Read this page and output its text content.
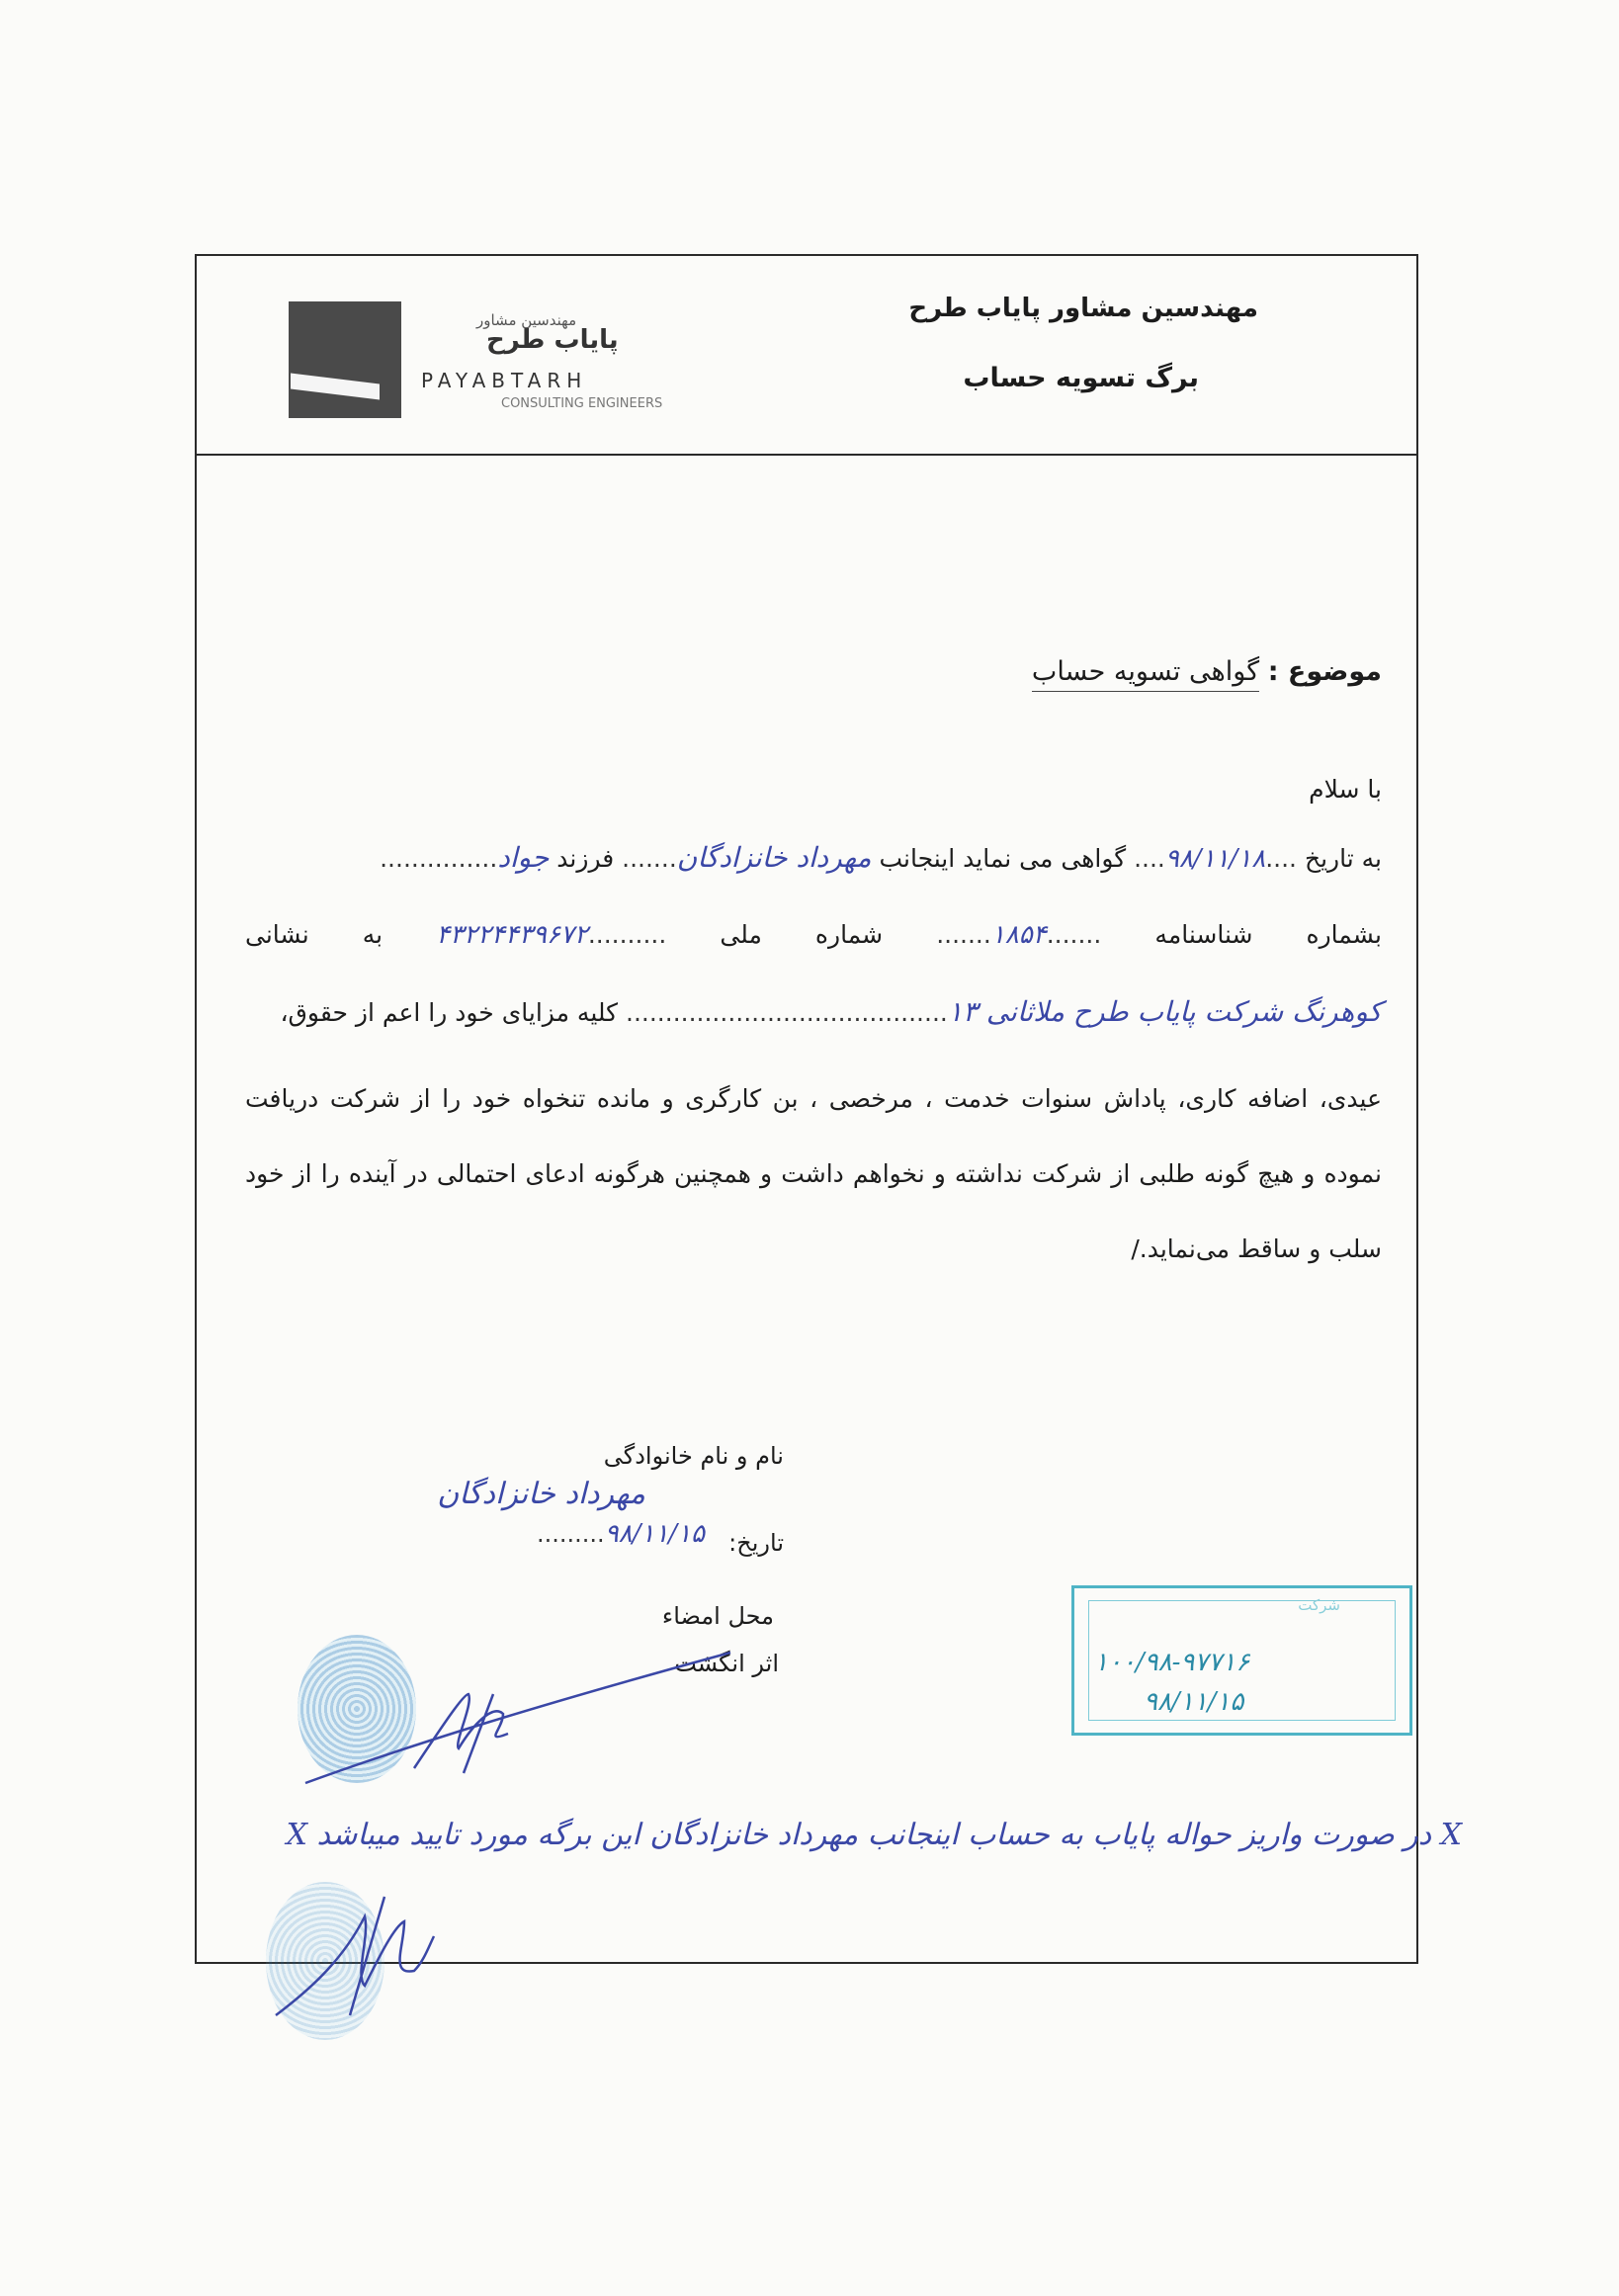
مهندسین مشاور
پایاب طرح
PAYABTARH
CONSULTING ENGINEERS
مهندسین مشاور پایاب طرح
برگ تسویه حساب
موضوع : گواهی تسویه حساب
با سلام
به تاریخ ....۹۸/۱۱/۱۸.... گواهی می نماید اینجانب مهرداد خانزادگان....... فرزند جواد...............
بشماره شناسنامه .......۱۸۵۴....... شماره ملی ..........۴۳۲۲۴۴۳۹۶۷۲ به نشانی
کوهرنگ شرکت پایاب طرح ملاثانی ۱۳......................................... کلیه مزایای خود را اعم از حقوق،
عیدی، اضافه کاری، پاداش سنوات خدمت ، مرخصی ، بن کارگری و مانده تنخواه خود را از شرکت دریافت نموده و هیچ گونه طلبی از شرکت نداشته و نخواهم داشت و همچنین هرگونه ادعای احتمالی در آینده را از خود سلب و ساقط می‌نماید./
نام و نام خانوادگی
مهرداد خانزادگان
تاریخ:
۹۸/۱۱/۱۵.........
محل امضاء
اثر انگشت
شرکت
۱۰۰/۹۸-۹۷۷۱۶
۹۸/۱۱/۱۵
X در صورت واریز حواله پایاب به حساب اینجانب مهرداد خانزادگان این برگه مورد تایید میباشد X
